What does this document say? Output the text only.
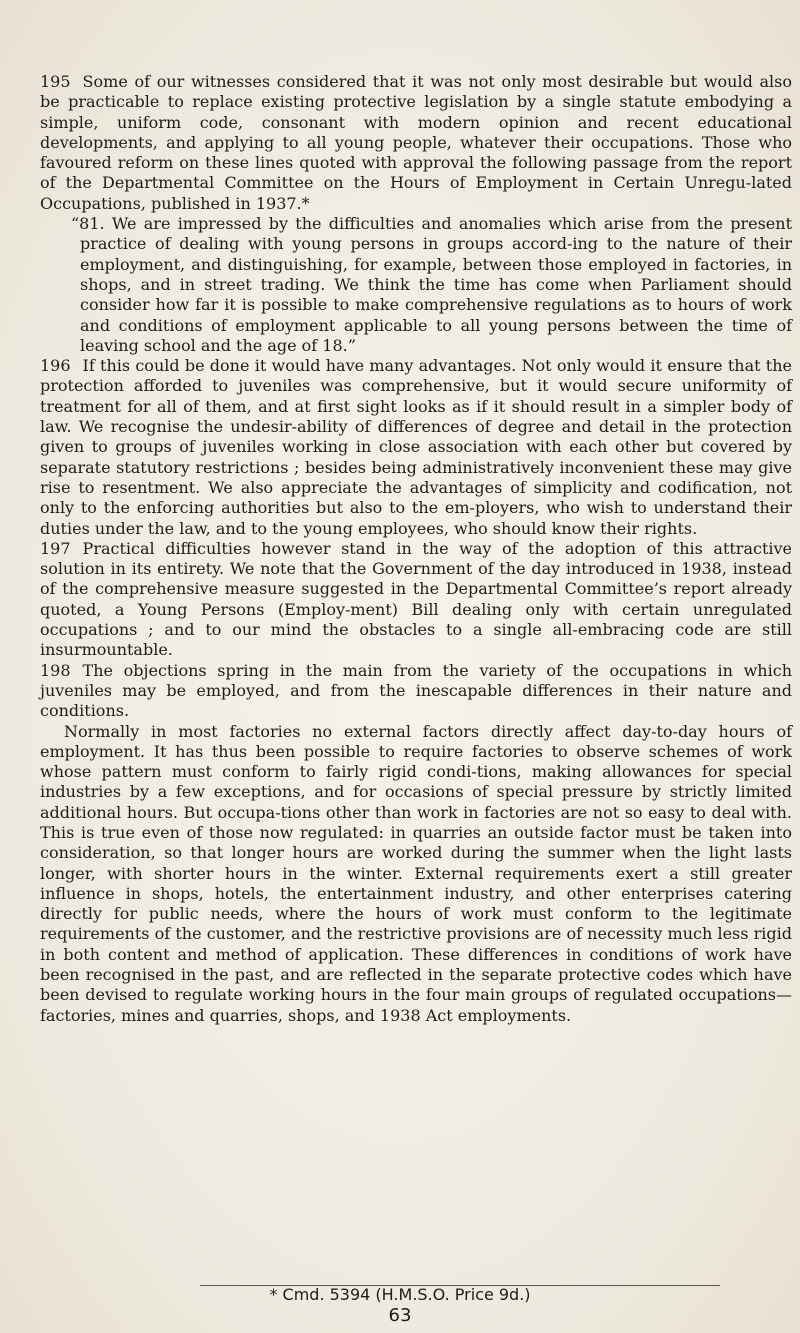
195 Some of our witnesses considered that it was not only most desirable but would also be practicable to replace existing protective legislation by a single statute embodying a simple, uniform code, consonant with modern opinion and recent educational developments, and applying to all young people, whatever their occupations. Those who favoured reform on these lines quoted with approval the following passage from the report of the Departmental Committee on the Hours of Employment in Certain Unregu-lated Occupations, published in 1937.*

“81. We are impressed by the difficulties and anomalies which arise from the present practice of dealing with young persons in groups accord-ing to the nature of their employment, and distinguishing, for example, between those employed in factories, in shops, and in street trading. We think the time has come when Parliament should consider how far it is possible to make comprehensive regulations as to hours of work and conditions of employment applicable to all young persons between the time of leaving school and the age of 18.”

196 If this could be done it would have many advantages. Not only would it ensure that the protection afforded to juveniles was comprehensive, but it would secure uniformity of treatment for all of them, and at first sight looks as if it should result in a simpler body of law. We recognise the undesir-ability of differences of degree and detail in the protection given to groups of juveniles working in close association with each other but covered by separate statutory restrictions ; besides being administratively inconvenient these may give rise to resentment. We also appreciate the advantages of simplicity and codification, not only to the enforcing authorities but also to the em-ployers, who wish to understand their duties under the law, and to the young employees, who should know their rights.

197 Practical difficulties however stand in the way of the adoption of this attractive solution in its entirety. We note that the Government of the day introduced in 1938, instead of the comprehensive measure suggested in the Departmental Committee’s report already quoted, a Young Persons (Employ-ment) Bill dealing only with certain unregulated occupations ; and to our mind the obstacles to a single all-embracing code are still insurmountable.

198 The objections spring in the main from the variety of the occupations in which juveniles may be employed, and from the inescapable differences in their nature and conditions.

Normally in most factories no external factors directly affect day-to-day hours of employment. It has thus been possible to require factories to observe schemes of work whose pattern must conform to fairly rigid condi-tions, making allowances for special industries by a few exceptions, and for occasions of special pressure by strictly limited additional hours. But occupa-tions other than work in factories are not so easy to deal with. This is true even of those now regulated: in quarries an outside factor must be taken into consideration, so that longer hours are worked during the summer when the light lasts longer, with shorter hours in the winter. External requirements exert a still greater influence in shops, hotels, the entertainment industry, and other enterprises catering directly for public needs, where the hours of work must conform to the legitimate requirements of the customer, and the restrictive provisions are of necessity much less rigid in both content and method of application. These differences in conditions of work have been recognised in the past, and are reflected in the separate protective codes which have been devised to regulate working hours in the four main groups of regulated occupations—factories, mines and quarries, shops, and 1938 Act employments.

* Cmd. 5394 (H.M.S.O. Price 9d.)
63
